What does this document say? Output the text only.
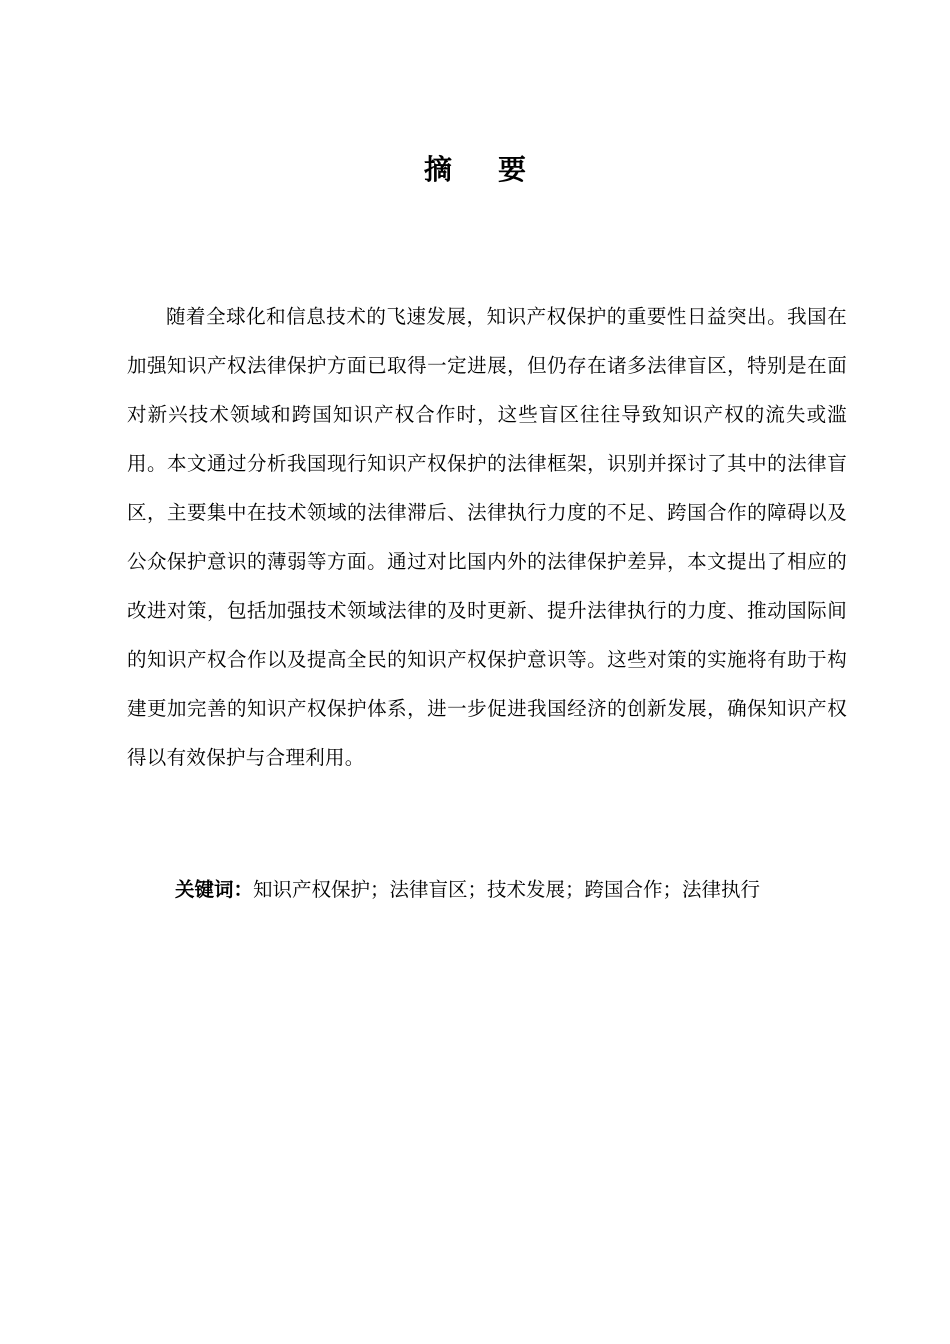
摘 要

随着全球化和信息技术的飞速发展，知识产权保护的重要性日益突出。我国在加强知识产权法律保护方面已取得一定进展，但仍存在诸多法律盲区，特别是在面对新兴技术领域和跨国知识产权合作时，这些盲区往往导致知识产权的流失或滥用。本文通过分析我国现行知识产权保护的法律框架，识别并探讨了其中的法律盲区，主要集中在技术领域的法律滞后、法律执行力度的不足、跨国合作的障碍以及公众保护意识的薄弱等方面。通过对比国内外的法律保护差异，本文提出了相应的改进对策，包括加强技术领域法律的及时更新、提升法律执行的力度、推动国际间的知识产权合作以及提高全民的知识产权保护意识等。这些对策的实施将有助于构建更加完善的知识产权保护体系，进一步促进我国经济的创新发展，确保知识产权得以有效保护与合理利用。

关键词：知识产权保护；法律盲区；技术发展；跨国合作；法律执行
